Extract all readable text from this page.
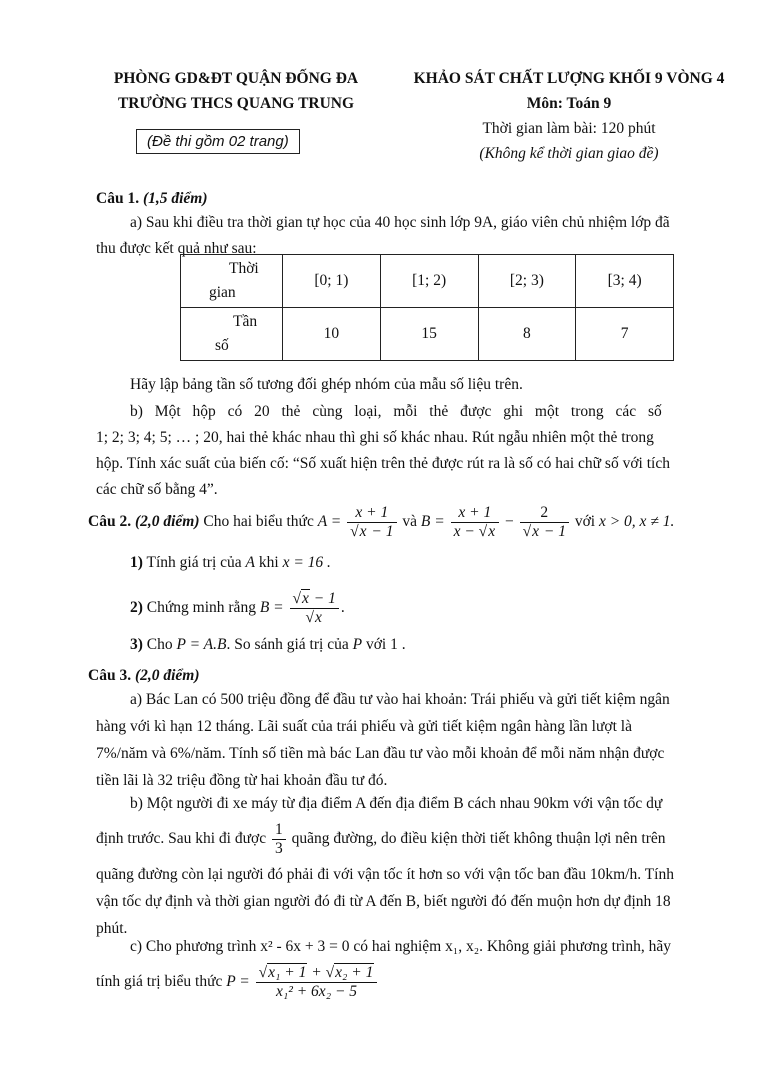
PHÒNG GD&ĐT QUẬN ĐỐNG ĐA
TRƯỜNG THCS QUANG TRUNG
(Đề thi gồm 02 trang)
KHẢO SÁT CHẤT LƯỢNG KHỐI 9 VÒNG 4
Môn: Toán 9
Thời gian làm bài: 120 phút
(Không kể thời gian giao đề)
Câu 1. (1,5 điểm)
a) Sau khi điều tra thời gian tự học của 40 học sinh lớp 9A, giáo viên chủ nhiệm lớp đã
thu được kết quả như sau:
Thời
gian	[0; 1)	[1; 2)	[2; 3)	[3; 4)

Tần
số	10	15	8	7
Hãy lập bảng tần số tương đối ghép nhóm của mẫu số liệu trên.
b) Một hộp có 20 thẻ cùng loại, mỗi thẻ được ghi một trong các số
1; 2; 3; 4; 5; … ; 20, hai thẻ khác nhau thì ghi số khác nhau. Rút ngẫu nhiên một thẻ trong
hộp. Tính xác suất của biến cố: “Số xuất hiện trên thẻ được rút ra là số có hai chữ số với tích
các chữ số bằng 4”.
Câu 2. (2,0 điểm) Cho hai biểu thức $A = \frac{x + 1}{√x - 1}$ và $B = \frac{x + 1}{x - √x} - \frac{2}{√x - 1}$ với x > 0, x ≠ 1.
1) Tính giá trị của A khi x = 16 .
2) Chứng minh rằng $B = \frac{√x - 1}{√x}$ .
3) Cho P = A.B. So sánh giá trị của P với 1 .
Câu 3. (2,0 điểm)
a) Bác Lan có 500 triệu đồng để đầu tư vào hai khoản: Trái phiếu và gửi tiết kiệm ngân
hàng với kì hạn 12 tháng. Lãi suất của trái phiếu và gửi tiết kiệm ngân hàng lần lượt là
7%/năm và 6%/năm. Tính số tiền mà bác Lan đầu tư vào mỗi khoản để mỗi năm nhận được
tiền lãi là 32 triệu đồng từ hai khoản đầu tư đó.
b) Một người đi xe máy từ địa điểm A đến địa điểm B cách nhau 90km với vận tốc dự
định trước. Sau khi đi được $\frac{1}{3}$ quãng đường, do điều kiện thời tiết không thuận lợi nên trên
quãng đường còn lại người đó phải đi với vận tốc ít hơn so với vận tốc ban đầu 10km/h. Tính
vận tốc dự định và thời gian người đó đi từ A đến B, biết người đó đến muộn hơn dự định 18
phút.
c) Cho phương trình x² - 6x + 3 = 0 có hai nghiệm x₁, x₂. Không giải phương trình, hãy
tính giá trị biểu thức $P = \frac{\text{√x₁ + 1 + √x₂ + 1}}{\text{x₁² + 6x₂ − 5}}$
